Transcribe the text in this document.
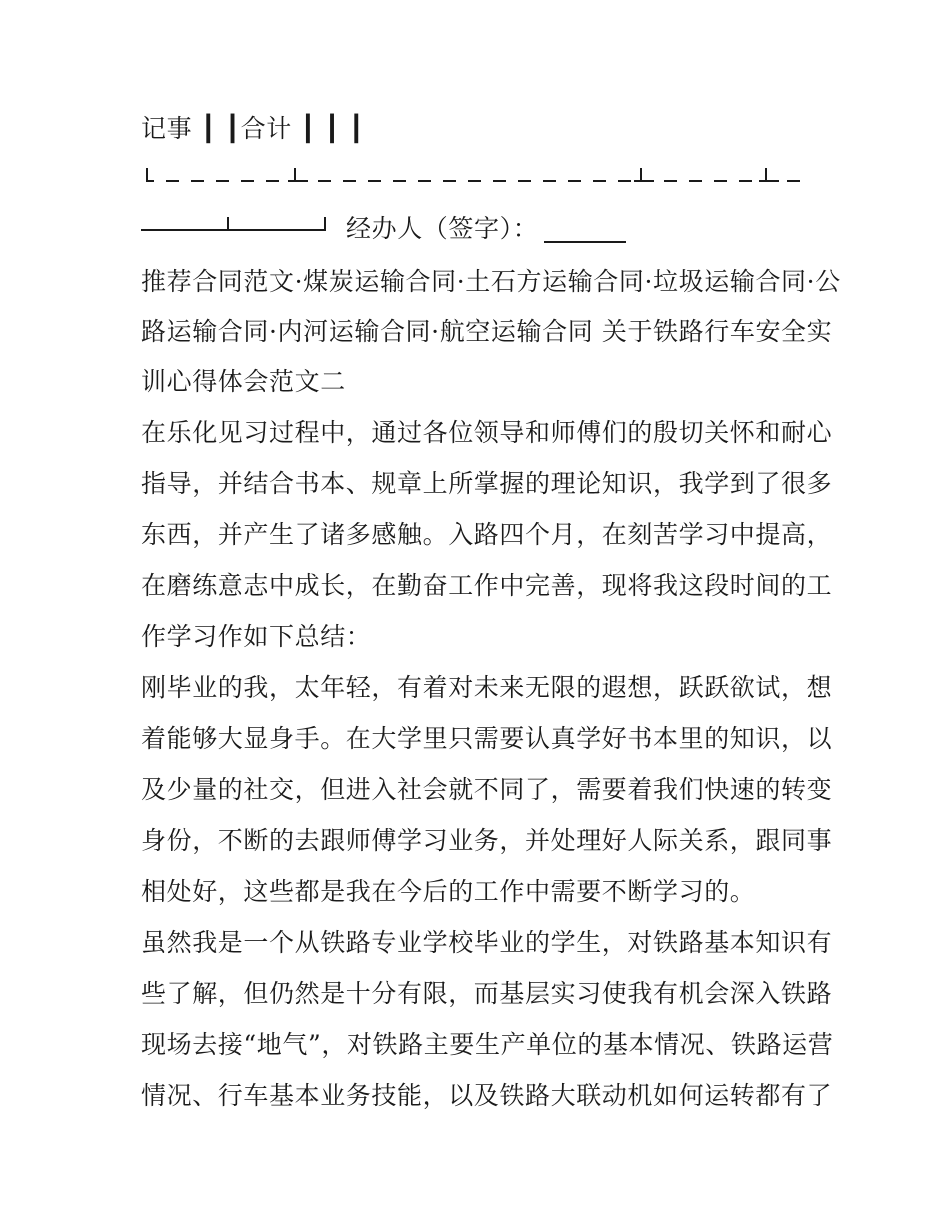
记事 ┃ ┃合计 ┃ ┃ ┃
经办人（签字）：
推荐合同范文·煤炭运输合同·土石方运输合同·垃圾运输合同·公
路运输合同·内河运输合同·航空运输合同 关于铁路行车安全实
训心得体会范文二
在乐化见习过程中，通过各位领导和师傅们的殷切关怀和耐心
指导，并结合书本、规章上所掌握的理论知识，我学到了很多
东西，并产生了诸多感触。入路四个月，在刻苦学习中提高，
在磨练意志中成长，在勤奋工作中完善，现将我这段时间的工
作学习作如下总结：
刚毕业的我，太年轻，有着对未来无限的遐想，跃跃欲试，想
着能够大显身手。在大学里只需要认真学好书本里的知识，以
及少量的社交，但进入社会就不同了，需要着我们快速的转变
身份，不断的去跟师傅学习业务，并处理好人际关系，跟同事
相处好，这些都是我在今后的工作中需要不断学习的。
虽然我是一个从铁路专业学校毕业的学生，对铁路基本知识有
些了解，但仍然是十分有限，而基层实习使我有机会深入铁路
现场去接“地气”，对铁路主要生产单位的基本情况、铁路运营
情况、行车基本业务技能，以及铁路大联动机如何运转都有了
